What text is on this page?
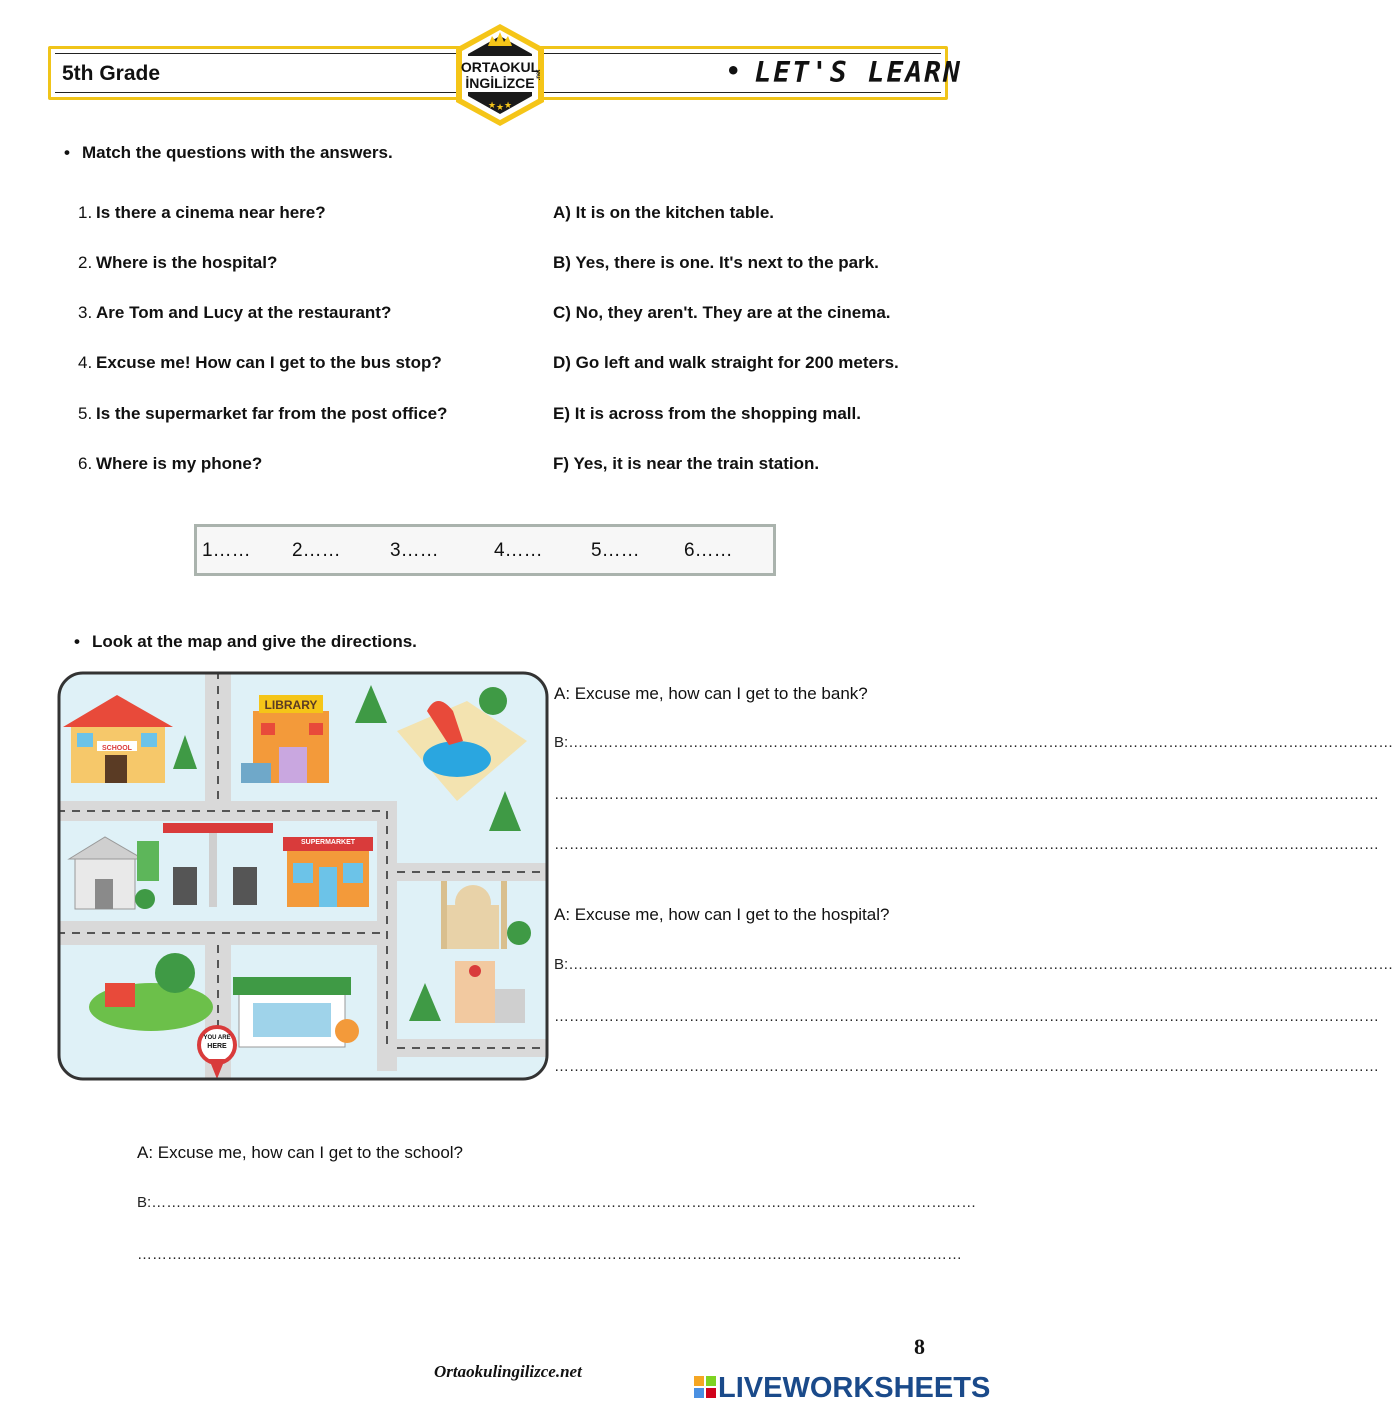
5th Grade
•	LET'S LEARN
★ ★ ★
ORTAOKUL
İNGİLİZCE .net
• Match the questions with the answers.
1. Is there a cinema near here?
2. Where is the hospital?
3. Are Tom and Lucy at the restaurant?
4. Excuse me! How can I get to the bus stop?
5. Is the supermarket far from the post office?
6. Where is my phone?
A) It is on the kitchen table.
B) Yes, there is one. It's next to the park.
C) No, they aren't. They are at the cinema.
D) Go left and walk straight for 200 meters.
E) It is across from the shopping mall.
F) Yes, it is near the train station.
1…… 2……	3……	4……	5…… 6……
• Look at the map and give the directions.
LIBRARY
SCHOOL
SUPERMARKET
YOU ARE
HERE
A: Excuse me, how can I get to the bank?
B:…………………………………………………………………………………………………………………………………………………
…………………………………………………………………………………………………………………………………………………
…………………………………………………………………………………………………………………………………………………
A: Excuse me, how can I get to the hospital?
B:…………………………………………………………………………………………………………………………………………………
…………………………………………………………………………………………………………………………………………………
…………………………………………………………………………………………………………………………………………………
A: Excuse me, how can I get to the school?
B:…………………………………………………………………………………………………………………………………………………
…………………………………………………………………………………………………………………………………………………
8
Ortaokulingilizce.net
LIVEWORKSHEETS
